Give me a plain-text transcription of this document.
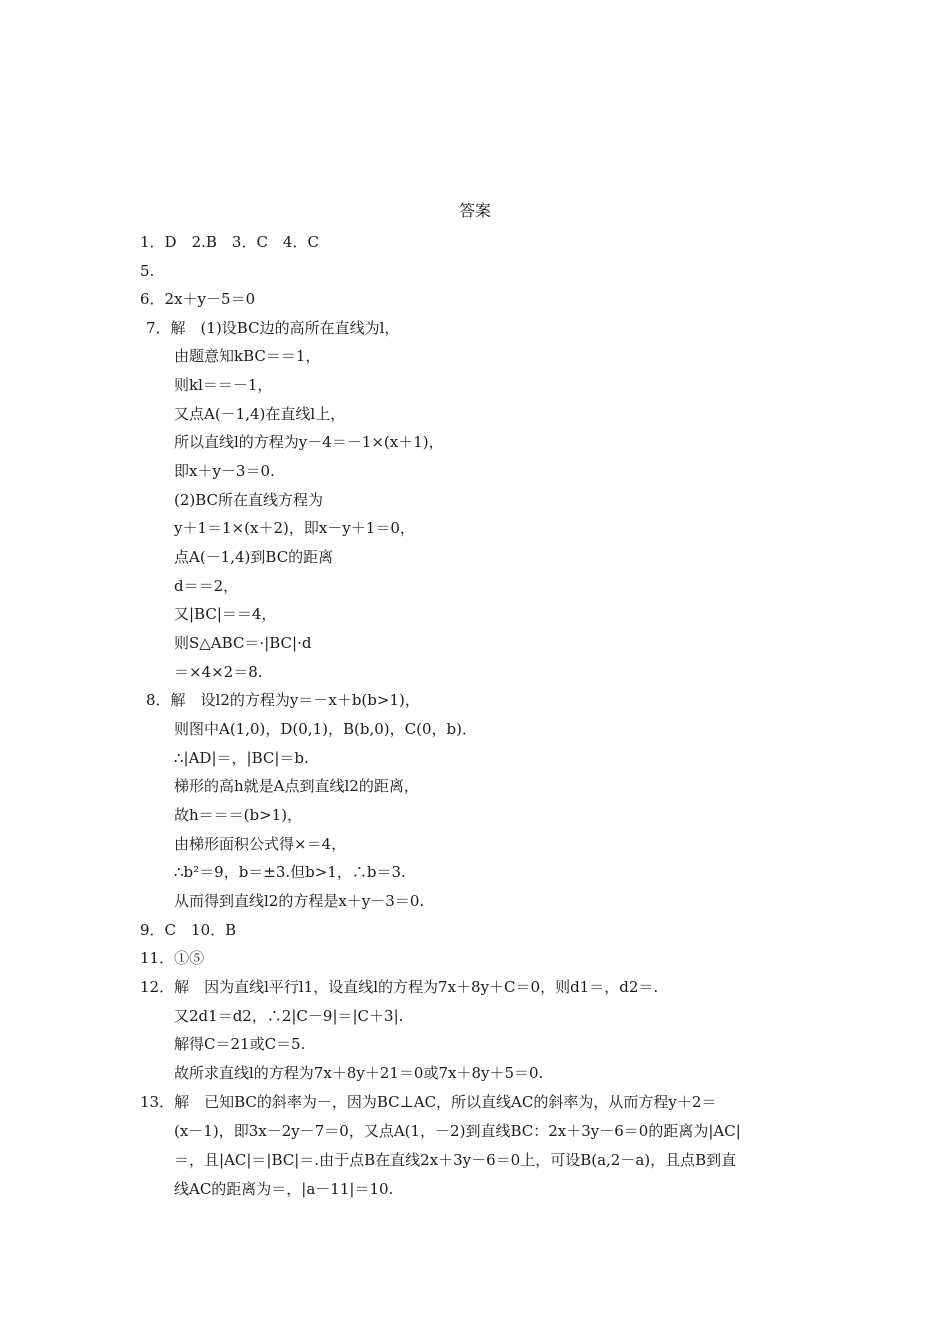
答案
1．D　2.B　3．C　4．C
5.
6．2x＋y－5＝0
7．解　(1)设BC边的高所在直线为l，
由题意知kBC＝＝1，
则kl＝＝－1，
又点A(－1,4)在直线l上，
所以直线l的方程为y－4＝－1×(x＋1)，
即x＋y－3＝0.
(2)BC所在直线方程为
y＋1＝1×(x＋2)，即x－y＋1＝0，
点A(－1,4)到BC的距离
d＝＝2，
又|BC|＝＝4，
则S△ABC＝·|BC|·d
＝×4×2＝8.
8．解　设l2的方程为y＝－x＋b(b>1)，
则图中A(1,0)，D(0,1)，B(b,0)，C(0，b)．
∴|AD|＝，|BC|＝b.
梯形的高h就是A点到直线l2的距离，
故h＝＝＝(b>1)，
由梯形面积公式得×＝4，
∴b²＝9，b＝±3.但b>1，∴b＝3.
从而得到直线l2的方程是x＋y－3＝0.
9．C　10．B
11．①⑤
12．解　因为直线l平行l1，设直线l的方程为7x＋8y＋C＝0，则d1＝，d2＝.
又2d1＝d2，∴2|C－9|＝|C＋3|.
解得C＝21或C＝5.
故所求直线l的方程为7x＋8y＋21＝0或7x＋8y＋5＝0.
13．解　已知BC的斜率为－，因为BC⊥AC，所以直线AC的斜率为，从而方程y＋2＝
(x－1)，即3x－2y－7＝0，又点A(1，－2)到直线BC：2x＋3y－6＝0的距离为|AC|
＝，且|AC|＝|BC|＝.由于点B在直线2x＋3y－6＝0上，可设B(a,2－a)，且点B到直
线AC的距离为＝，|a－11|＝10.
